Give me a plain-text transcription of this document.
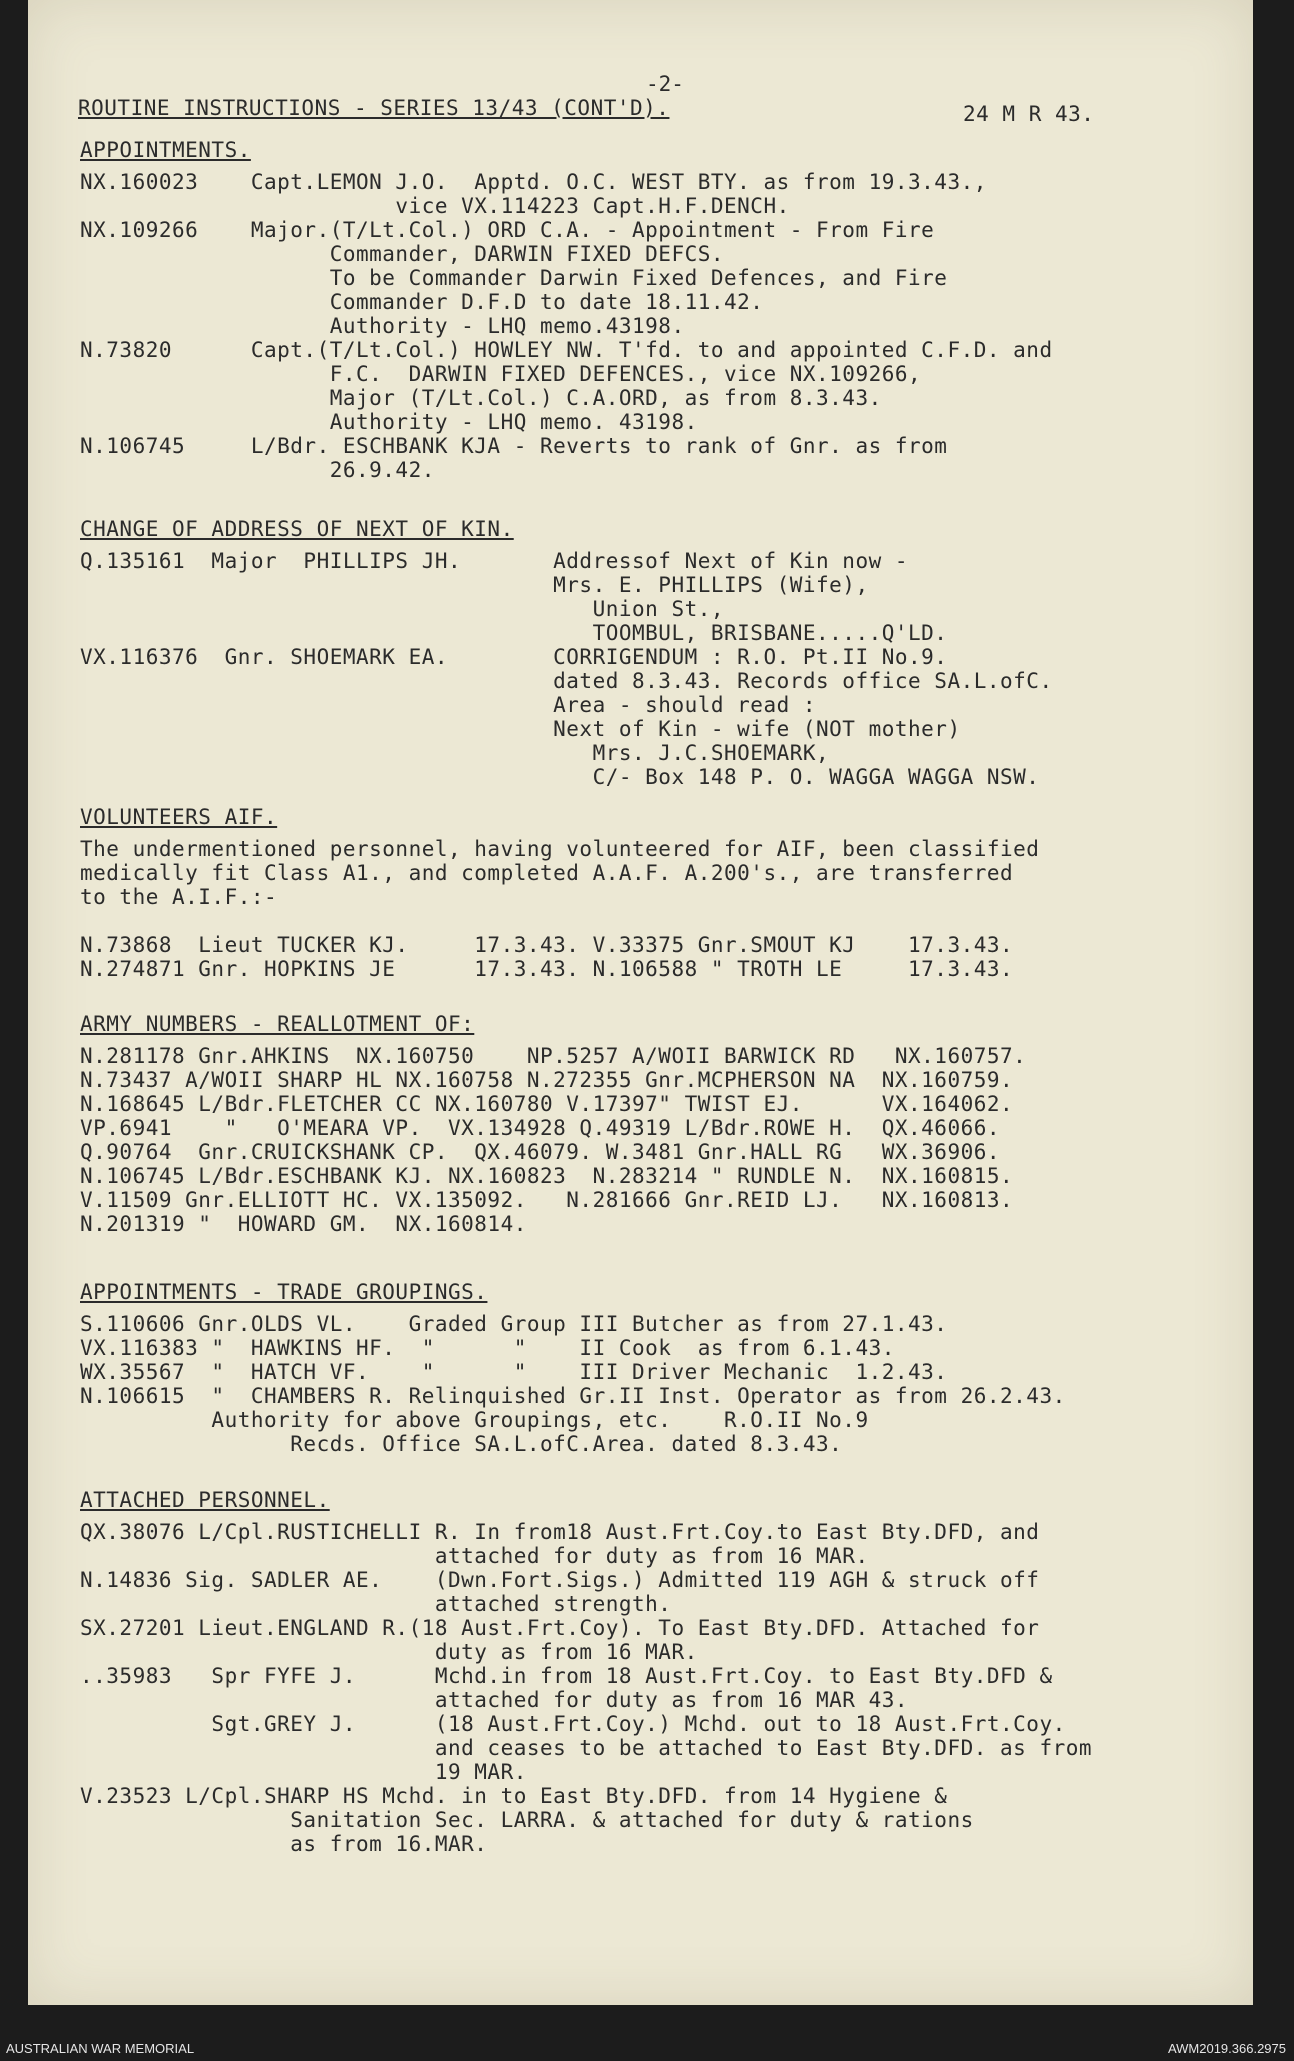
-2-
ROUTINE INSTRUCTIONS - SERIES 13/43 (CONT'D).	24 M R 43.
APPOINTMENTS.
NX.160023    Capt.LEMON J.O.  Apptd. O.C. WEST BTY. as from 19.3.43.,
vice VX.114223 Capt.H.F.DENCH.
NX.109266    Major.(T/Lt.Col.) ORD C.A. - Appointment - From Fire
Commander, DARWIN FIXED DEFCS.
To be Commander Darwin Fixed Defences, and Fire
Commander D.F.D to date 18.11.42.
Authority - LHQ memo.43198.
N.73820      Capt.(T/Lt.Col.) HOWLEY NW. T'fd. to and appointed C.F.D. and
F.C.  DARWIN FIXED DEFENCES., vice NX.109266,
Major (T/Lt.Col.) C.A.ORD, as from 8.3.43.
Authority - LHQ memo. 43198.
N.106745     L/Bdr. ESCHBANK KJA - Reverts to rank of Gnr. as from
26.9.42.
CHANGE OF ADDRESS OF NEXT OF KIN.
Q.135161  Major  PHILLIPS JH.       Addressof Next of Kin now -
Mrs. E. PHILLIPS (Wife),
Union St.,
TOOMBUL, BRISBANE.....Q'LD.
VX.116376  Gnr. SHOEMARK EA.        CORRIGENDUM : R.O. Pt.II No.9.
dated 8.3.43. Records office SA.L.ofC.
Area - should read :
Next of Kin - wife (NOT mother)
Mrs. J.C.SHOEMARK,
C/- Box 148 P. O. WAGGA WAGGA NSW.
VOLUNTEERS AIF.
The undermentioned personnel, having volunteered for AIF, been classified
medically fit Class A1., and completed A.A.F. A.200's., are transferred
to the A.I.F.:-
N.73868  Lieut TUCKER KJ.     17.3.43. V.33375 Gnr.SMOUT KJ    17.3.43.
N.274871 Gnr. HOPKINS JE      17.3.43. N.106588 " TROTH LE     17.3.43.
ARMY NUMBERS - REALLOTMENT OF:
N.281178 Gnr.AHKINS  NX.160750    NP.5257 A/WOII BARWICK RD   NX.160757.
N.73437 A/WOII SHARP HL NX.160758 N.272355 Gnr.MCPHERSON NA  NX.160759.
N.168645 L/Bdr.FLETCHER CC NX.160780 V.17397" TWIST EJ.      VX.164062.
VP.6941    "   O'MEARA VP.  VX.134928 Q.49319 L/Bdr.ROWE H.  QX.46066.
Q.90764  Gnr.CRUICKSHANK CP.  QX.46079. W.3481 Gnr.HALL RG   WX.36906.
N.106745 L/Bdr.ESCHBANK KJ. NX.160823  N.283214 " RUNDLE N.  NX.160815.
V.11509 Gnr.ELLIOTT HC. VX.135092.   N.281666 Gnr.REID LJ.   NX.160813.
N.201319 "  HOWARD GM.  NX.160814.
APPOINTMENTS - TRADE GROUPINGS.
S.110606 Gnr.OLDS VL.    Graded Group III Butcher as from 27.1.43.
VX.116383 "  HAWKINS HF.  "      "    II Cook  as from 6.1.43.
WX.35567  "  HATCH VF.    "      "    III Driver Mechanic  1.2.43.
N.106615  "  CHAMBERS R. Relinquished Gr.II Inst. Operator as from 26.2.43.
Authority for above Groupings, etc.    R.O.II No.9
Recds. Office SA.L.ofC.Area. dated 8.3.43.
ATTACHED PERSONNEL.
QX.38076 L/Cpl.RUSTICHELLI R. In from18 Aust.Frt.Coy.to East Bty.DFD, and
attached for duty as from 16 MAR.
N.14836 Sig. SADLER AE.    (Dwn.Fort.Sigs.) Admitted 119 AGH & struck off
attached strength.
SX.27201 Lieut.ENGLAND R.(18 Aust.Frt.Coy). To East Bty.DFD. Attached for
duty as from 16 MAR.
..35983   Spr FYFE J.      Mchd.in from 18 Aust.Frt.Coy. to East Bty.DFD &
attached for duty as from 16 MAR 43.
Sgt.GREY J.      (18 Aust.Frt.Coy.) Mchd. out to 18 Aust.Frt.Coy.
and ceases to be attached to East Bty.DFD. as from
19 MAR.
V.23523 L/Cpl.SHARP HS Mchd. in to East Bty.DFD. from 14 Hygiene &
Sanitation Sec. LARRA. & attached for duty & rations
as from 16.MAR.
AUSTRALIAN WAR MEMORIAL	AWM2019.366.2975
